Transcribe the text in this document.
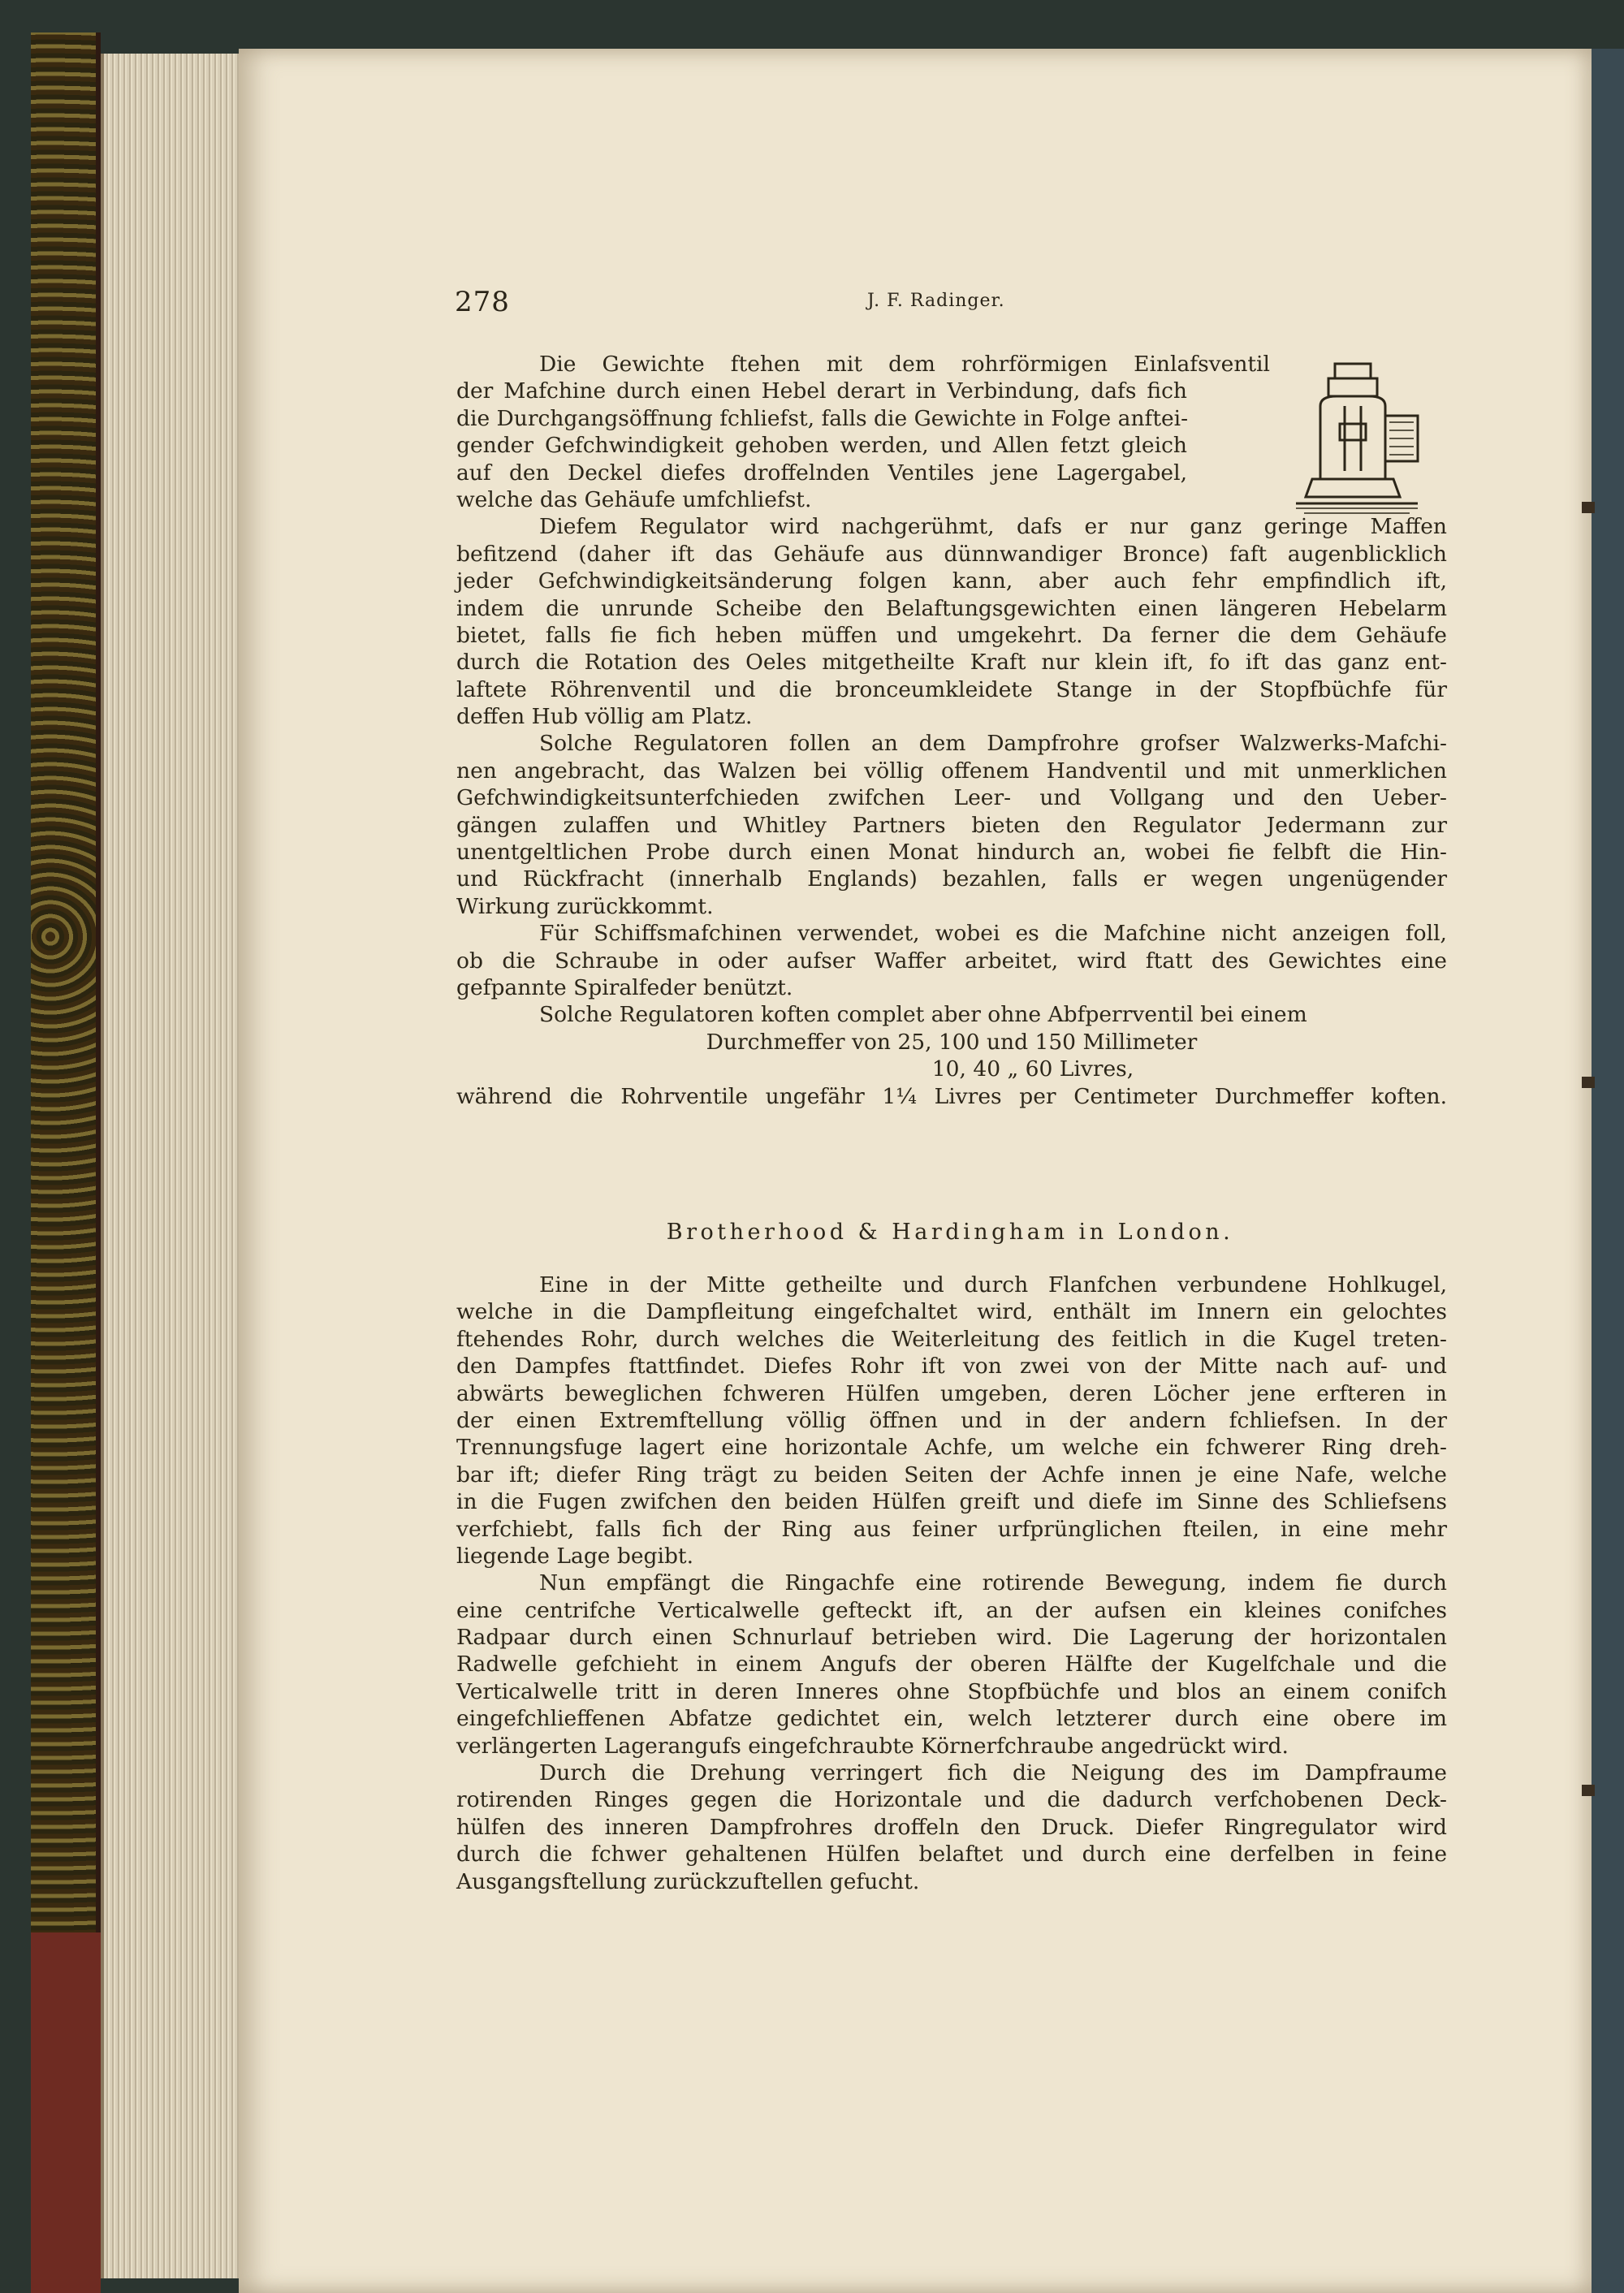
278	J. F. Radinger.
Die Gewichte ftehen mit dem rohrförmigen Einlafsventil
der Mafchine durch einen Hebel derart in Verbindung, dafs fich
die Durchgangsöffnung fchliefst, falls die Gewichte in Folge anftei-
gender Gefchwindigkeit gehoben werden, und Allen fetzt gleich
auf den Deckel diefes droffelnden Ventiles jene Lagergabel,
welche das Gehäufe umfchliefst.
Diefem Regulator wird nachgerühmt, dafs er nur ganz geringe Maffen
befitzend (daher ift das Gehäufe aus dünnwandiger Bronce) faft augenblicklich
jeder Gefchwindigkeitsänderung folgen kann, aber auch fehr empfindlich ift,
indem die unrunde Scheibe den Belaftungsgewichten einen längeren Hebelarm
bietet, falls fie fich heben müffen und umgekehrt. Da ferner die dem Gehäufe
durch die Rotation des Oeles mitgetheilte Kraft nur klein ift, fo ift das ganz ent-
laftete Röhrenventil und die bronceumkleidete Stange in der Stopfbüchfe für
deffen Hub völlig am Platz.
Solche Regulatoren follen an dem Dampfrohre grofser Walzwerks-Mafchi-
nen angebracht, das Walzen bei völlig offenem Handventil und mit unmerklichen
Gefchwindigkeitsunterfchieden zwifchen Leer- und Vollgang und den Ueber-
gängen zulaffen und Whitley Partners bieten den Regulator Jedermann zur
unentgeltlichen Probe durch einen Monat hindurch an, wobei fie felbft die Hin-
und Rückfracht (innerhalb Englands) bezahlen, falls er wegen ungenügender
Wirkung zurückkommt.
Für Schiffsmafchinen verwendet, wobei es die Mafchine nicht anzeigen foll,
ob die Schraube in oder aufser Waffer arbeitet, wird ftatt des Gewichtes eine
gefpannte Spiralfeder benützt.
Solche Regulatoren koften complet aber ohne Abfperrventil bei einem
Durchmeffer von 25, 100 und 150 Millimeter
10, 40 „ 60 Livres,
während die Rohrventile ungefähr 1¼ Livres per Centimeter Durchmeffer koften.
Brotherhood & Hardingham in London.
Eine in der Mitte getheilte und durch Flanfchen verbundene Hohlkugel,
welche in die Dampfleitung eingefchaltet wird, enthält im Innern ein gelochtes
ftehendes Rohr, durch welches die Weiterleitung des feitlich in die Kugel treten-
den Dampfes ftattfindet. Diefes Rohr ift von zwei von der Mitte nach auf- und
abwärts beweglichen fchweren Hülfen umgeben, deren Löcher jene erfteren in
der einen Extremftellung völlig öffnen und in der andern fchliefsen. In der
Trennungsfuge lagert eine horizontale Achfe, um welche ein fchwerer Ring dreh-
bar ift; diefer Ring trägt zu beiden Seiten der Achfe innen je eine Nafe, welche
in die Fugen zwifchen den beiden Hülfen greift und diefe im Sinne des Schliefsens
verfchiebt, falls fich der Ring aus feiner urfprünglichen fteilen, in eine mehr
liegende Lage begibt.
Nun empfängt die Ringachfe eine rotirende Bewegung, indem fie durch
eine centrifche Verticalwelle gefteckt ift, an der aufsen ein kleines conifches
Radpaar durch einen Schnurlauf betrieben wird. Die Lagerung der horizontalen
Radwelle gefchieht in einem Angufs der oberen Hälfte der Kugelfchale und die
Verticalwelle tritt in deren Inneres ohne Stopfbüchfe und blos an einem conifch
eingefchlieffenen Abfatze gedichtet ein, welch letzterer durch eine obere im
verlängerten Lagerangufs eingefchraubte Körnerfchraube angedrückt wird.
Durch die Drehung verringert fich die Neigung des im Dampfraume
rotirenden Ringes gegen die Horizontale und die dadurch verfchobenen Deck-
hülfen des inneren Dampfrohres droffeln den Druck. Diefer Ringregulator wird
durch die fchwer gehaltenen Hülfen belaftet und durch eine derfelben in feine
Ausgangsftellung zurückzuftellen gefucht.
